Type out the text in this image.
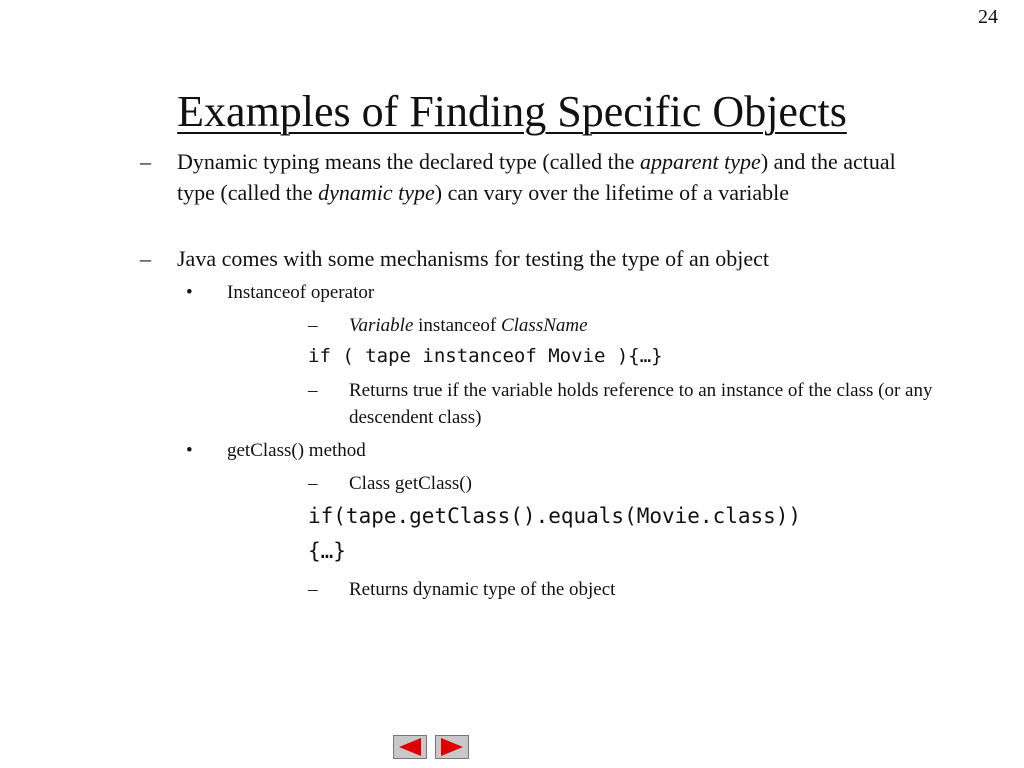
24
Examples of Finding Specific Objects
– Dynamic typing means the declared type (called the apparent type) and the actual type (called the dynamic type) can vary over the lifetime of a variable
– Java comes with some mechanisms for testing the type of an object
• Instanceof operator
– Variable instanceof ClassName
if ( tape instanceof Movie ){…}
– Returns true if the variable holds reference to an instance of the class (or any descendent class)
• getClass() method
– Class getClass()
if(tape.getClass().equals(Movie.class))
{…}
– Returns dynamic type of the object
